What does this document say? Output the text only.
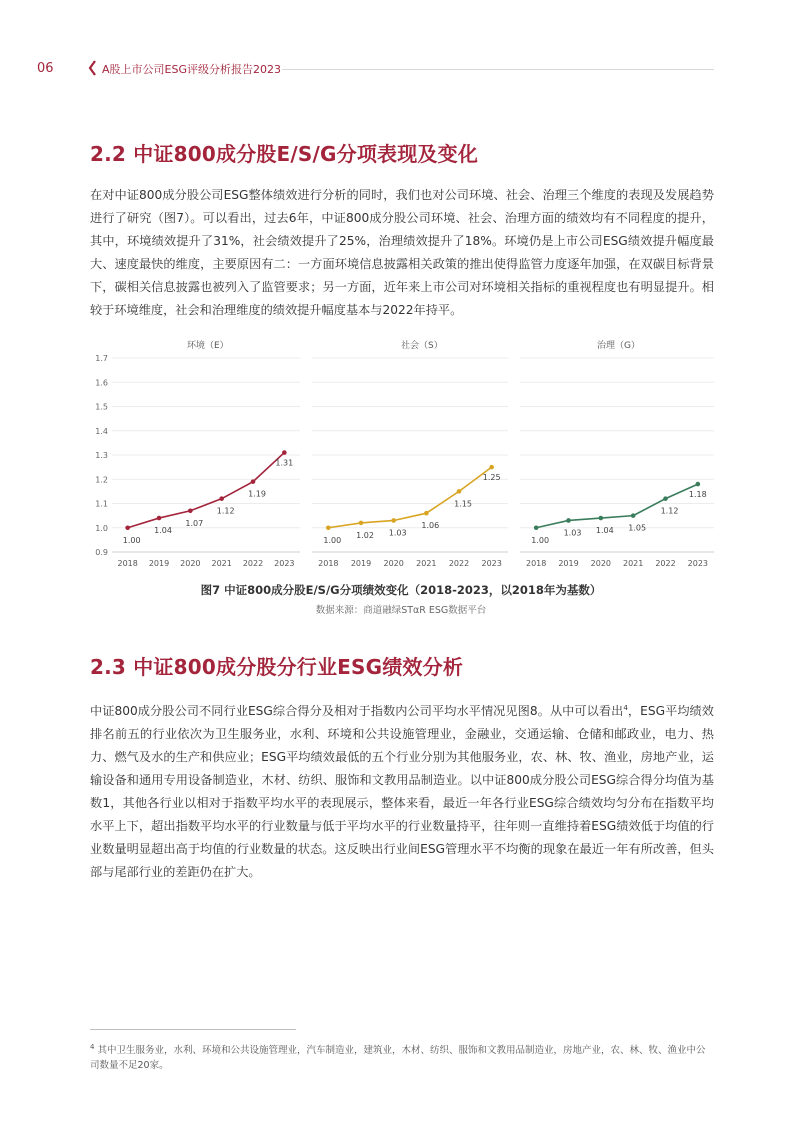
06	A股上市公司ESG评级分析报告2023
2.2 中证800成分股E/S/G分项表现及变化

在对中证800成分股公司ESG整体绩效进行分析的同时，我们也对公司环境、社会、治理三个维度的表现及发展趋势进行了研究（图7）。可以看出，过去6年，中证800成分股公司环境、社会、治理方面的绩效均有不同程度的提升，其中，环境绩效提升了31%，社会绩效提升了25%，治理绩效提升了18%。环境仍是上市公司ESG绩效提升幅度最大、速度最快的维度，主要原因有二：一方面环境信息披露相关政策的推出使得监管力度逐年加强，在双碳目标背景下，碳相关信息披露也被列入了监管要求；另一方面，近年来上市公司对环境相关指标的重视程度也有明显提升。相较于环境维度，社会和治理维度的绩效提升幅度基本与2022年持平。

环境（E）	社会（S）	治理（G）
0.9
1.0
1.1
1.2
1.3
1.4
1.5
1.6
1.7
2018 2019 2020 2021 2022 2023
1.00
1.04
1.07
1.12
1.19
1.31
2018 2019 2020 2021 2022 2023
1.00
1.02 1.03
1.06
1.15
1.25
2018 2019 2020 2021 2022 2023
1.00
1.03 1.04 1.05
1.12
1.18
图7 中证800成分股E/S/G分项绩效变化（2018-2023，以2018年为基数）
数据来源：商道融绿STαR ESG数据平台
2.3 中证800成分股分行业ESG绩效分析

中证800成分股公司不同行业ESG综合得分及相对于指数内公司平均水平情况见图8。从中可以看出$^4$，ESG平均绩效排名前五的行业依次为卫生服务业，水利、环境和公共设施管理业，金融业，交通运输、仓储和邮政业，电力、热力、燃气及水的生产和供应业；ESG平均绩效最低的五个行业分别为其他服务业，农、林、牧、渔业，房地产业，运输设备和通用专用设备制造业，木材、纺织、服饰和文教用品制造业。以中证800成分股公司ESG综合得分均值为基数1，其他各行业以相对于指数平均水平的表现展示，整体来看，最近一年各行业ESG综合绩效均匀分布在指数平均水平上下，超出指数平均水平的行业数量与低于平均水平的行业数量持平，往年则一直维持着ESG绩效低于均值的行业数量明显超出高于均值的行业数量的状态。这反映出行业间ESG管理水平不均衡的现象在最近一年有所改善，但头部与尾部行业的差距仍在扩大。

$^4$ 其中卫生服务业，水利、环境和公共设施管理业，汽车制造业，建筑业，木材、纺织、服饰和文教用品制造业，房地产业，农、林、牧、渔业中公司数量不足20家。
